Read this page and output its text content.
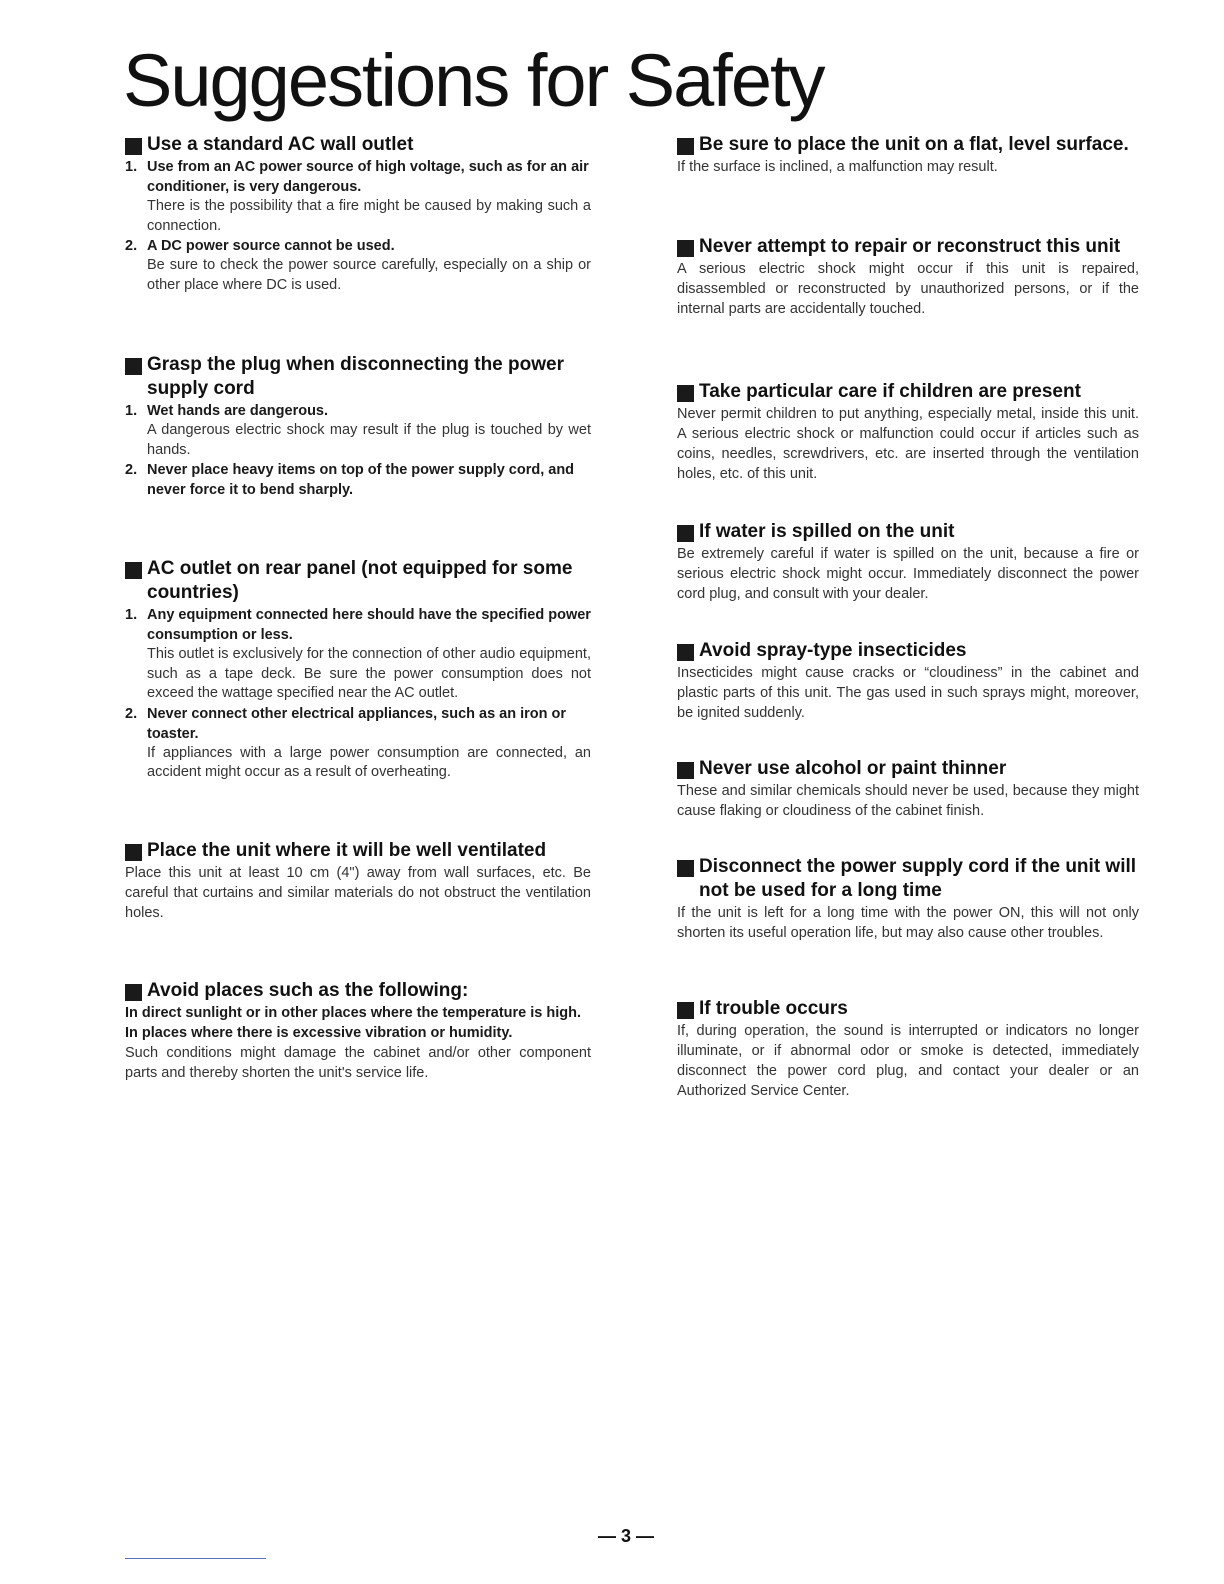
Suggestions for Safety
Use a standard AC wall outlet
1. Use from an AC power source of high voltage, such as for an air conditioner, is very dangerous.

There is the possibility that a fire might be caused by making such a connection.

2. A DC power source cannot be used.

Be sure to check the power source carefully, especially on a ship or other place where DC is used.

Grasp the plug when disconnecting the power supply cord
1. Wet hands are dangerous.

A dangerous electric shock may result if the plug is touched by wet hands.

2. Never place heavy items on top of the power supply cord, and never force it to bend sharply.

AC outlet on rear panel (not equipped for some countries)
1. Any equipment connected here should have the specified power consumption or less.

This outlet is exclusively for the connection of other audio equipment, such as a tape deck. Be sure the power consumption does not exceed the wattage specified near the AC outlet.

2. Never connect other electrical appliances, such as an iron or toaster.

If appliances with a large power consumption are connected, an accident might occur as a result of overheating.

Place the unit where it will be well ventilated

Place this unit at least 10 cm (4") away from wall surfaces, etc. Be careful that curtains and similar materials do not obstruct the ventilation holes.

Avoid places such as the following:

In direct sunlight or in other places where the temperature is high.

In places where there is excessive vibration or humidity.

Such conditions might damage the cabinet and/or other component parts and thereby shorten the unit's service life.

Be sure to place the unit on a flat, level surface.

If the surface is inclined, a malfunction may result.

Never attempt to repair or reconstruct this unit

A serious electric shock might occur if this unit is repaired, disassembled or reconstructed by unauthorized persons, or if the internal parts are accidentally touched.

Take particular care if children are present

Never permit children to put anything, especially metal, inside this unit. A serious electric shock or malfunction could occur if articles such as coins, needles, screwdrivers, etc. are inserted through the ventilation holes, etc. of this unit.

If water is spilled on the unit

Be extremely careful if water is spilled on the unit, because a fire or serious electric shock might occur. Immediately disconnect the power cord plug, and consult with your dealer.

Avoid spray-type insecticides

Insecticides might cause cracks or “cloudiness” in the cabinet and plastic parts of this unit. The gas used in such sprays might, moreover, be ignited suddenly.

Never use alcohol or paint thinner

These and similar chemicals should never be used, because they might cause flaking or cloudiness of the cabinet finish.

Disconnect the power supply cord if the unit will not be used for a long time

If the unit is left for a long time with the power ON, this will not only shorten its useful operation life, but may also cause other troubles.

If trouble occurs

If, during operation, the sound is interrupted or indicators no longer illuminate, or if abnormal odor or smoke is detected, immediately disconnect the power cord plug, and contact your dealer or an Authorized Service Center.

— 3 —
